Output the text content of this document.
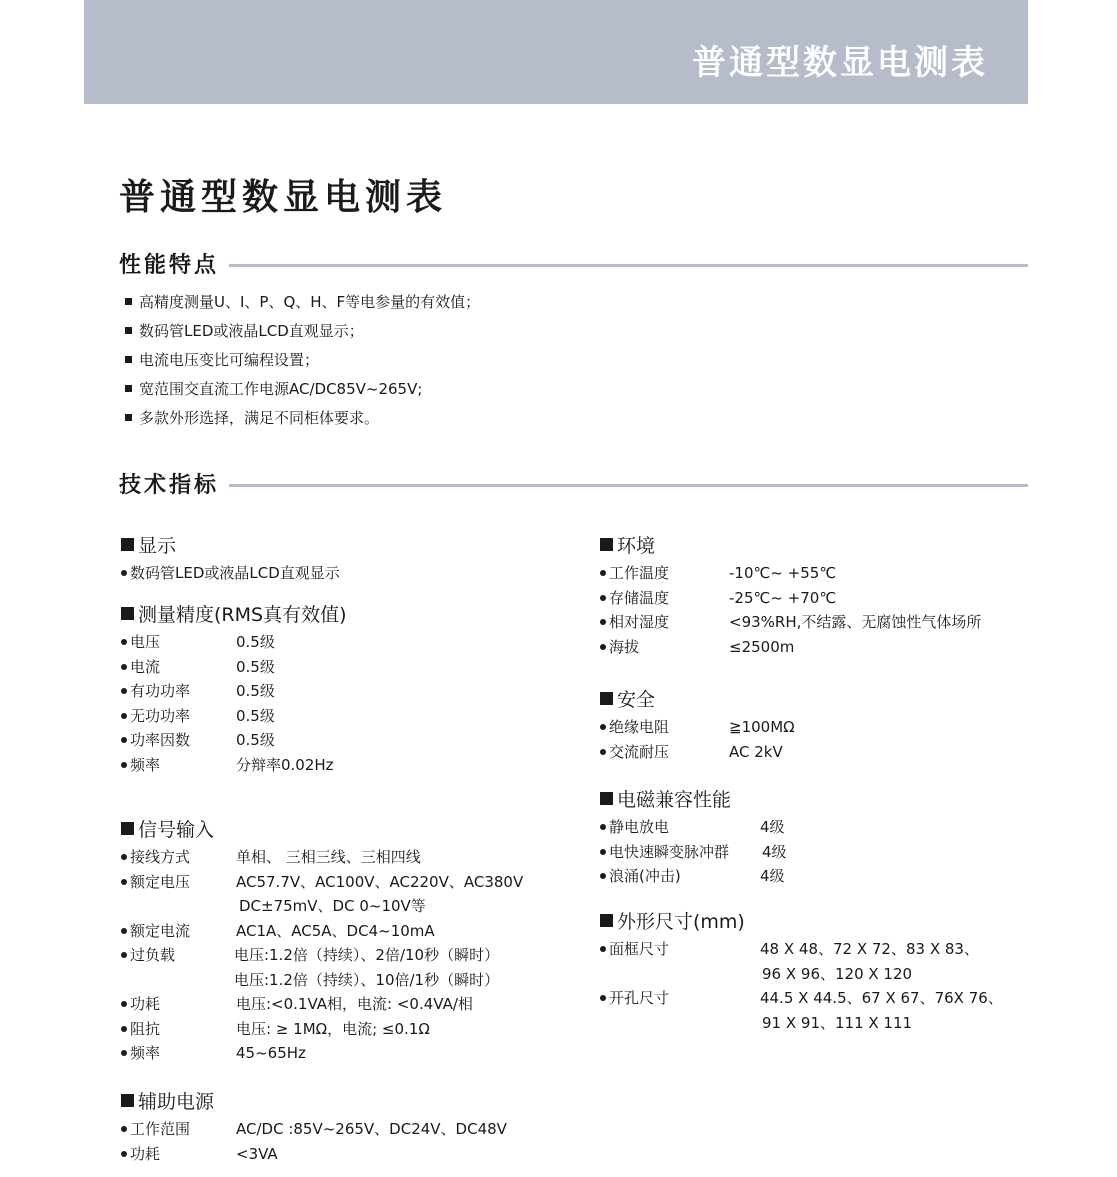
普通型数显电测表
普通型数显电测表
性能特点
高精度测量U、I、P、Q、H、F等电参量的有效值；
数码管LED或液晶LCD直观显示；
电流电压变比可编程设置；
宽范围交直流工作电源AC/DC85V~265V;
多款外形选择，满足不同柜体要求。
技术指标
显示
数码管LED或液晶LCD直观显示
测量精度(RMS真有效值)
电压	0.5级
电流	0.5级
有功功率	0.5级
无功功率	0.5级
功率因数	0.5级
频率	分辩率0.02Hz
信号输入
接线方式	单相、 三相三线、三相四线
额定电压	AC57.7V、AC100V、AC220V、AC380V
DC±75mV、DC 0~10V等
额定电流	AC1A、AC5A、DC4~10mA
过负载	电压:1.2倍（持续）、2倍/10秒（瞬时）
电压:1.2倍（持续）、10倍/1秒（瞬时）
功耗	电压:<0.1VA相，电流: <0.4VA/相
阻抗	电压: ≥ 1MΩ，电流; ≤0.1Ω
频率	45~65Hz
辅助电源
工作范围	AC/DC :85V~265V、DC24V、DC48V
功耗	<3VA
环境
工作温度	-10℃~ +55℃
存储温度	-25℃~ +70℃
相对湿度	<93%RH,不结露、无腐蚀性气体场所
海拔	≤2500m
安全
绝缘电阻	≧100MΩ
交流耐压	AC 2kV
电磁兼容性能
静电放电	4级
电快速瞬变脉冲群 4级
浪涌(冲击)	4级
外形尺寸(mm)
面框尺寸	48 X 48、72 X 72、83 X 83、
96 X 96、120 X 120
开孔尺寸	44.5 X 44.5、67 X 67、76X 76、
91 X 91、111 X 111
